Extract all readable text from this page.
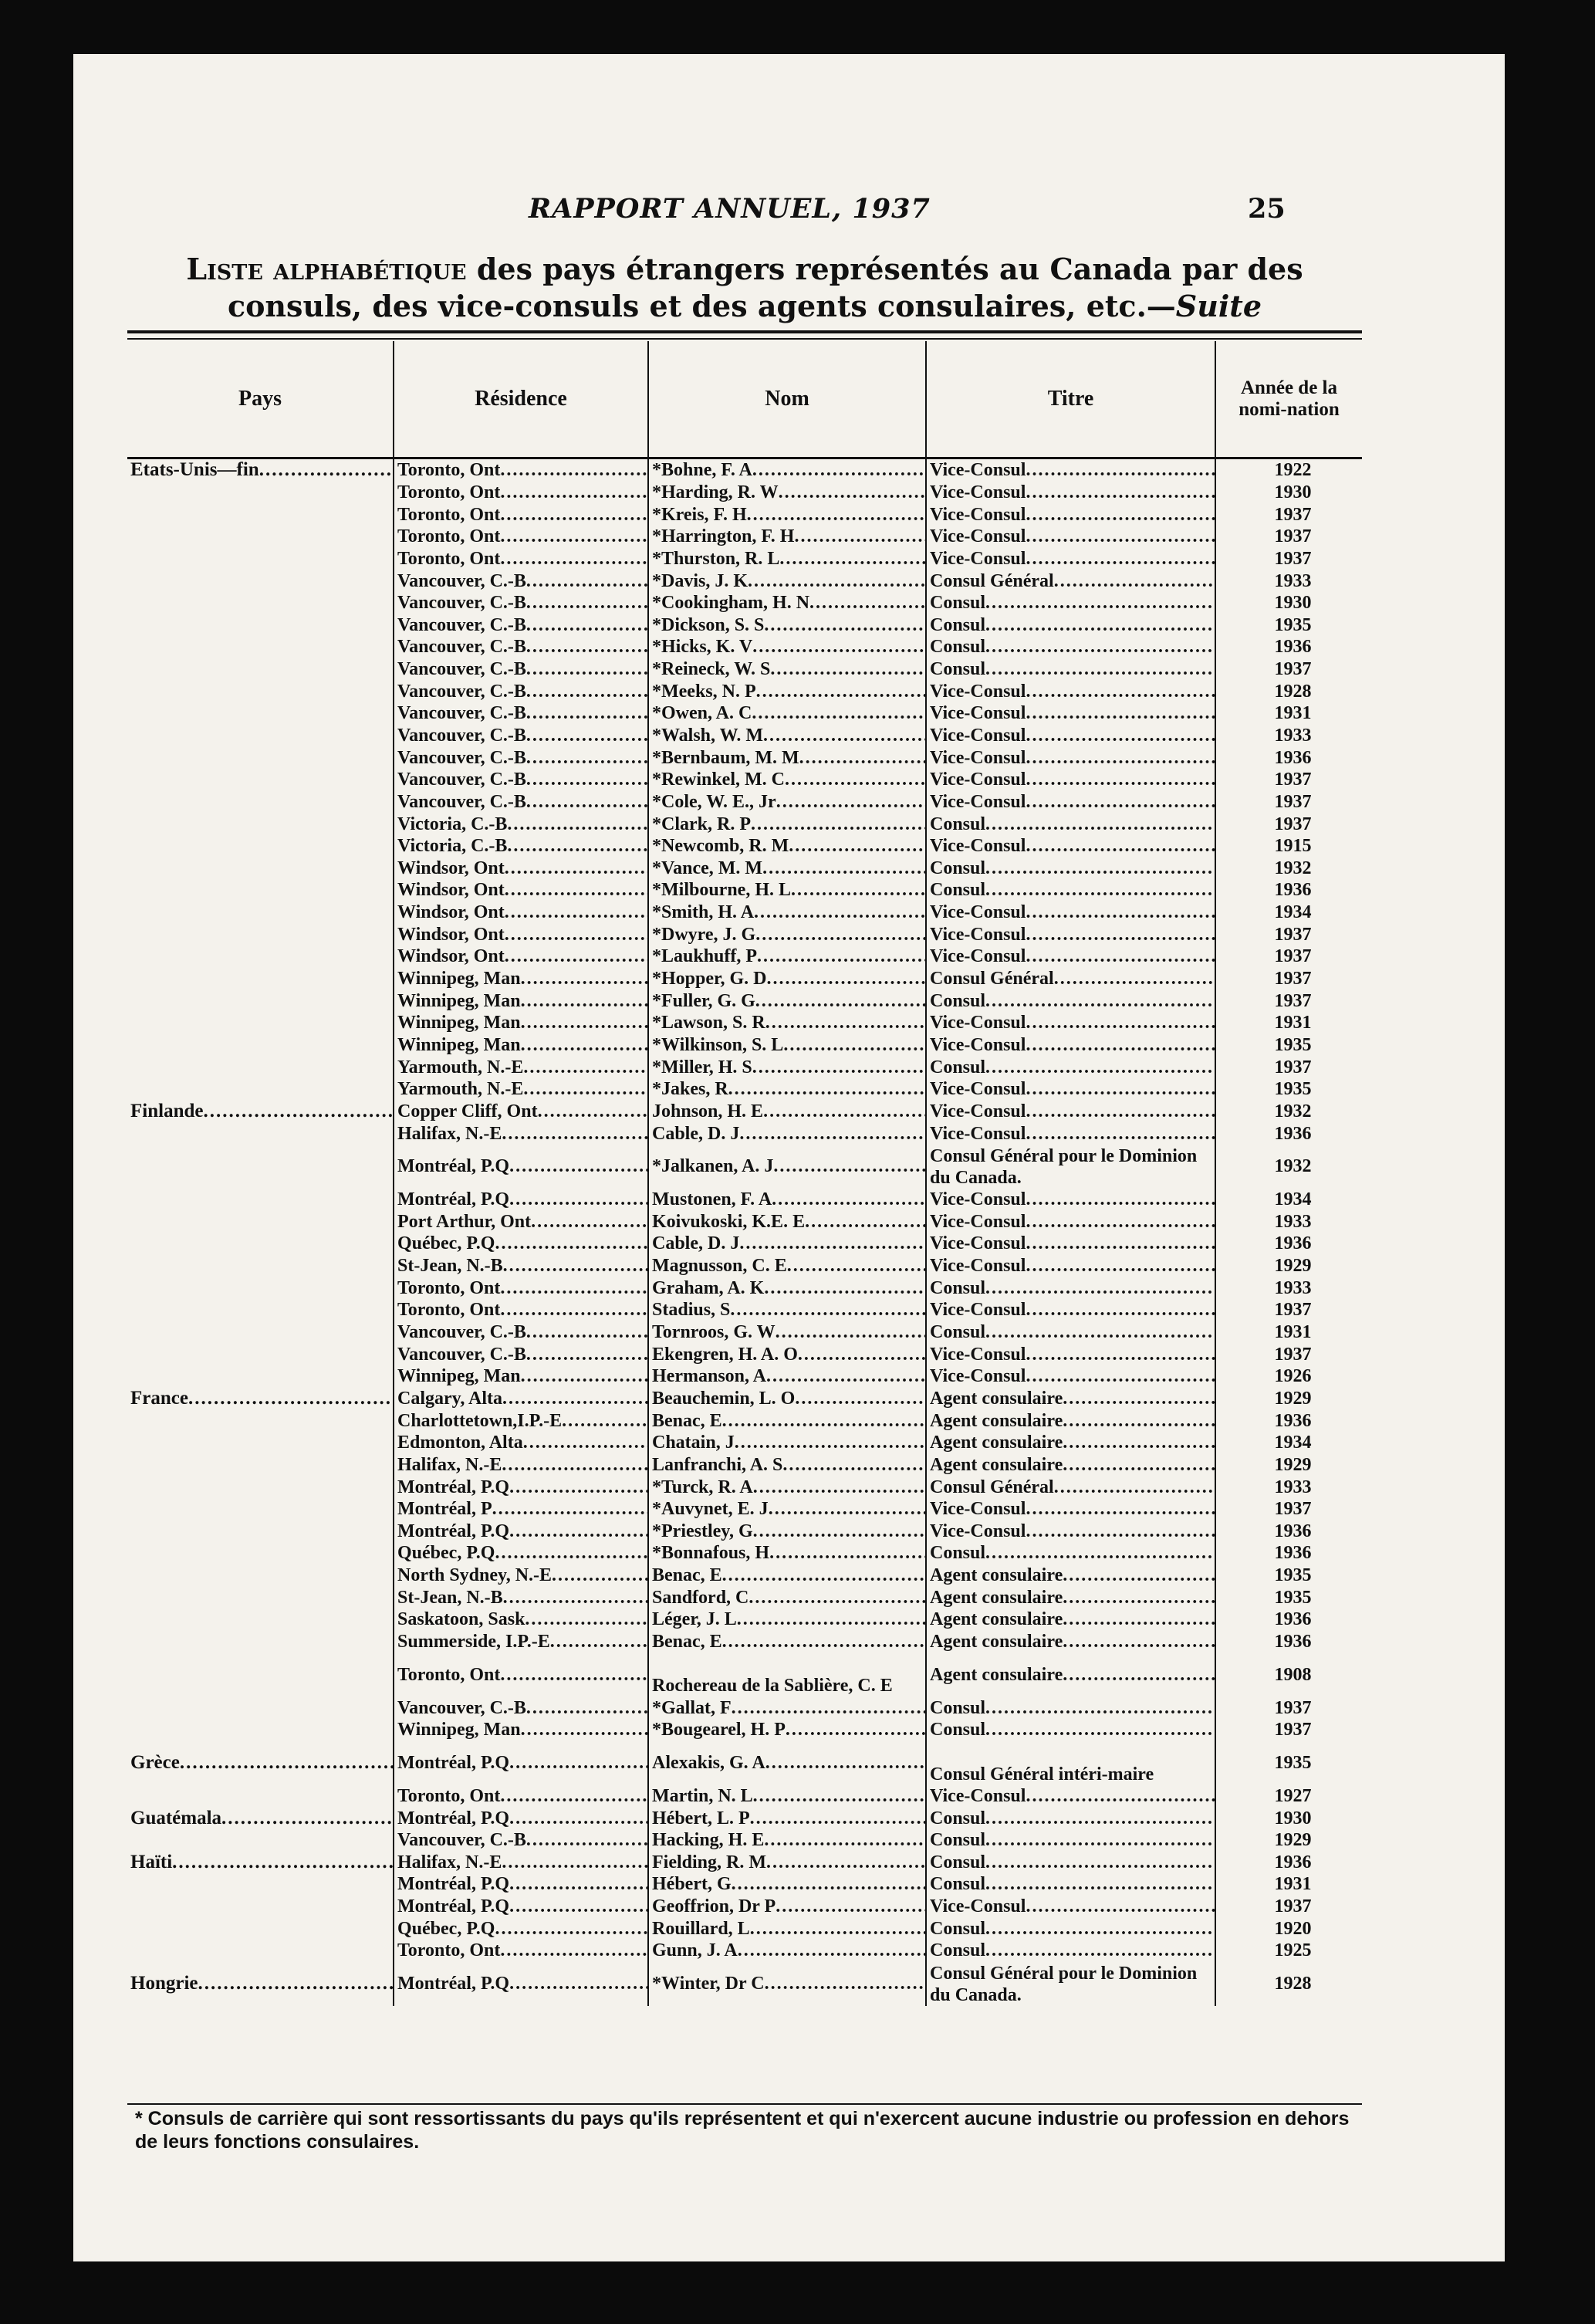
RAPPORT ANNUEL, 1937	25
Liste alphabétique des pays étrangers représentés au Canada par des consuls, des vice-consuls et des agents consulaires, etc.—Suite
Pays	Résidence	Nom	Titre	Année de la nomi-nation
Etats-Unis—fin .....	Toronto, Ont .....	*Bohne, F. A .....	Vice-Consul .....	1922
	Toronto, Ont .....	*Harding, R. W .....	Vice-Consul .....	1930
	Toronto, Ont .....	*Kreis, F. H .....	Vice-Consul .....	1937
	Toronto, Ont .....	*Harrington, F. H .....	Vice-Consul .....	1937
	Toronto, Ont .....	*Thurston, R. L .....	Vice-Consul .....	1937
	Vancouver, C.-B .....	*Davis, J. K .....	Consul Général .....	1933
	Vancouver, C.-B .....	*Cookingham, H. N .....	Consul .....	1930
	Vancouver, C.-B .....	*Dickson, S. S .....	Consul .....	1935
	Vancouver, C.-B .....	*Hicks, K. V .....	Consul .....	1936
	Vancouver, C.-B .....	*Reineck, W. S .....	Consul .....	1937
	Vancouver, C.-B .....	*Meeks, N. P .....	Vice-Consul .....	1928
	Vancouver, C.-B .....	*Owen, A. C .....	Vice-Consul .....	1931
	Vancouver, C.-B .....	*Walsh, W. M .....	Vice-Consul .....	1933
	Vancouver, C.-B .....	*Bernbaum, M. M .....	Vice-Consul .....	1936
	Vancouver, C.-B .....	*Rewinkel, M. C .....	Vice-Consul .....	1937
	Vancouver, C.-B .....	*Cole, W. E., Jr .....	Vice-Consul .....	1937
	Victoria, C.-B .....	*Clark, R. P .....	Consul .....	1937
	Victoria, C.-B .....	*Newcomb, R. M .....	Vice-Consul .....	1915
	Windsor, Ont .....	*Vance, M. M .....	Consul .....	1932
	Windsor, Ont .....	*Milbourne, H. L .....	Consul .....	1936
	Windsor, Ont .....	*Smith, H. A .....	Vice-Consul .....	1934
	Windsor, Ont .....	*Dwyre, J. G .....	Vice-Consul .....	1937
	Windsor, Ont .....	*Laukhuff, P .....	Vice-Consul .....	1937
	Winnipeg, Man .....	*Hopper, G. D .....	Consul Général .....	1937
	Winnipeg, Man .....	*Fuller, G. G .....	Consul .....	1937
	Winnipeg, Man .....	*Lawson, S. R .....	Vice-Consul .....	1931
	Winnipeg, Man .....	*Wilkinson, S. L .....	Vice-Consul .....	1935
	Yarmouth, N.-E .....	*Miller, H. S .....	Consul .....	1937
	Yarmouth, N.-E .....	*Jakes, R .....	Vice-Consul .....	1935
Finlande .....	Copper Cliff, Ont .....	Johnson, H. E .....	Vice-Consul .....	1932
	Halifax, N.-E .....	Cable, D. J .....	Vice-Consul .....	1936
	Montréal, P.Q .....	*Jalkanen, A. J .....	Consul Général pour le Dominion du Canada.	1932
	Montréal, P.Q .....	Mustonen, F. A .....	Vice-Consul .....	1934
	Port Arthur, Ont .....	Koivukoski, K.E. E .....	Vice-Consul .....	1933
	Québec, P.Q .....	Cable, D. J .....	Vice-Consul .....	1936
	St-Jean, N.-B .....	Magnusson, C. E .....	Vice-Consul .....	1929
	Toronto, Ont .....	Graham, A. K .....	Consul .....	1933
	Toronto, Ont .....	Stadius, S .....	Vice-Consul .....	1937
	Vancouver, C.-B .....	Tornroos, G. W .....	Consul .....	1931
	Vancouver, C.-B .....	Ekengren, H. A. O .....	Vice-Consul .....	1937
	Winnipeg, Man .....	Hermanson, A .....	Vice-Consul .....	1926
France .....	Calgary, Alta .....	Beauchemin, L. O .....	Agent consulaire .....	1929
	Charlottetown,I.P.-E .....	Benac, E .....	Agent consulaire .....	1936
	Edmonton, Alta .....	Chatain, J .....	Agent consulaire .....	1934
	Halifax, N.-E .....	Lanfranchi, A. S .....	Agent consulaire .....	1929
	Montréal, P.Q .....	*Turck, R. A .....	Consul Général .....	1933
	Montréal, P .....	*Auvynet, E. J .....	Vice-Consul .....	1937
	Montréal, P.Q .....	*Priestley, G .....	Vice-Consul .....	1936
	Québec, P.Q .....	*Bonnafous, H .....	Consul .....	1936
	North Sydney, N.-E .....	Benac, E .....	Agent consulaire .....	1935
	St-Jean, N.-B .....	Sandford, C .....	Agent consulaire .....	1935
	Saskatoon, Sask .....	Léger, J. L .....	Agent consulaire .....	1936
	Summerside, I.P.-E .....	Benac, E .....	Agent consulaire .....	1936
	Toronto, Ont .....	Rochereau de la Sablière, C. E	Agent consulaire .....	1908
	Vancouver, C.-B .....	*Gallat, F .....	Consul .....	1937
	Winnipeg, Man .....	*Bougearel, H. P .....	Consul .....	1937
Grèce .....	Montréal, P.Q .....	Alexakis, G. A .....	Consul Général intéri-maire	1935
	Toronto, Ont .....	Martin, N. L .....	Vice-Consul .....	1927
Guatémala .....	Montréal, P.Q .....	Hébert, L. P .....	Consul .....	1930
	Vancouver, C.-B .....	Hacking, H. E .....	Consul .....	1929
Haïti .....	Halifax, N.-E .....	Fielding, R. M .....	Consul .....	1936
	Montréal, P.Q .....	Hébert, G .....	Consul .....	1931
	Montréal, P.Q .....	Geoffrion, Dr P .....	Vice-Consul .....	1937
	Québec, P.Q .....	Rouillard, L .....	Consul .....	1920
	Toronto, Ont .....	Gunn, J. A .....	Consul .....	1925
Hongrie .....	Montréal, P.Q .....	*Winter, Dr C .....	Consul Général pour le Dominion du Canada.	1928
* Consuls de carrière qui sont ressortissants du pays qu'ils représentent et qui n'exercent aucune industrie ou profession en dehors de leurs fonctions consulaires.
